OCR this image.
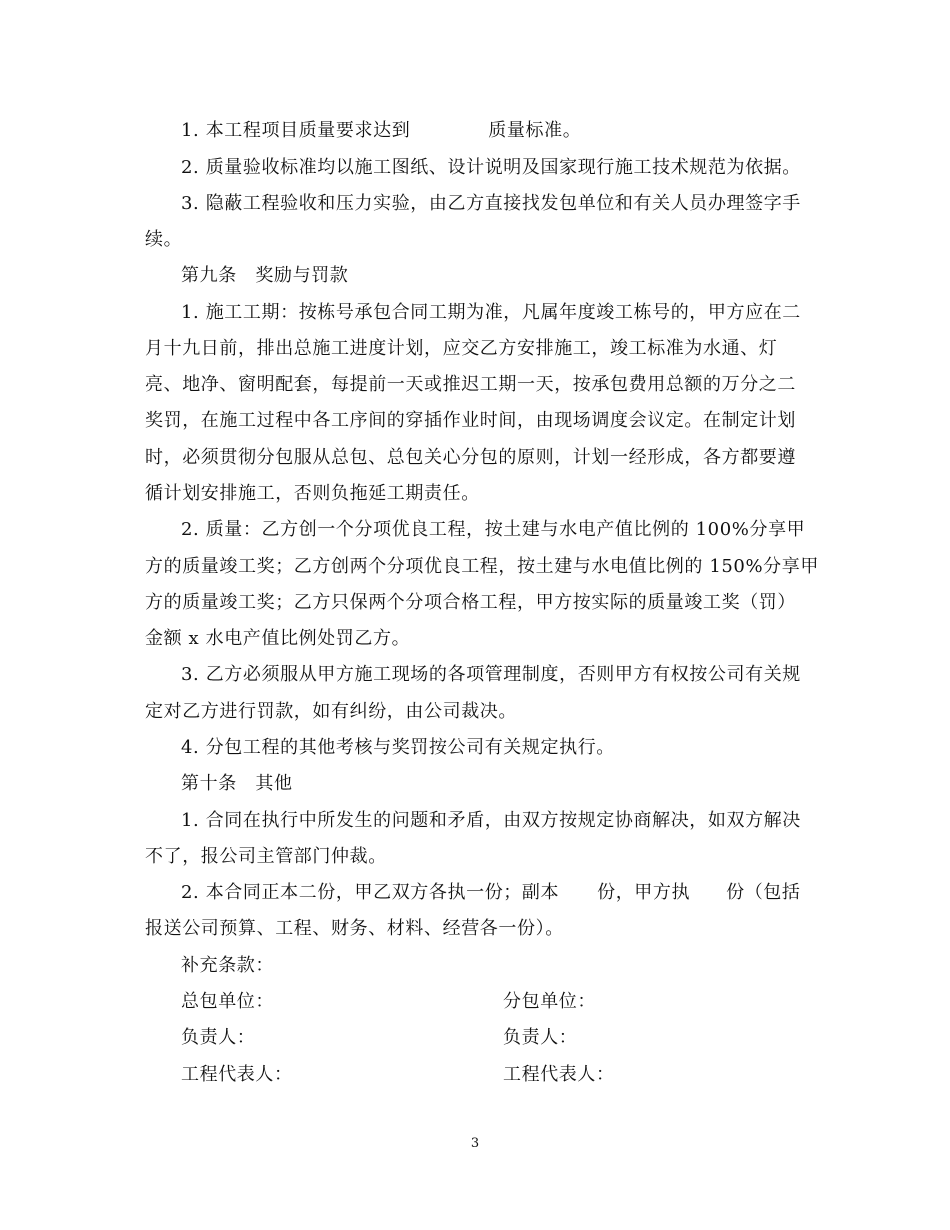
1. 本工程项目质量要求达到	质量标准。
2. 质量验收标准均以施工图纸、设计说明及国家现行施工技术规范为依据。
3. 隐蔽工程验收和压力实验，由乙方直接找发包单位和有关人员办理签字手
续。
第九条　奖励与罚款
1. 施工工期：按栋号承包合同工期为准，凡属年度竣工栋号的，甲方应在二
月十九日前，排出总施工进度计划，应交乙方安排施工，竣工标准为水通、灯
亮、地净、窗明配套，每提前一天或推迟工期一天，按承包费用总额的万分之二
奖罚，在施工过程中各工序间的穿插作业时间，由现场调度会议定。在制定计划
时，必须贯彻分包服从总包、总包关心分包的原则，计划一经形成，各方都要遵
循计划安排施工，否则负拖延工期责任。
2. 质量：乙方创一个分项优良工程，按土建与水电产值比例的 100%分享甲
方的质量竣工奖；乙方创两个分项优良工程，按土建与水电值比例的 150%分享甲
方的质量竣工奖；乙方只保两个分项合格工程，甲方按实际的质量竣工奖（罚）
金额 x 水电产值比例处罚乙方。
3. 乙方必须服从甲方施工现场的各项管理制度，否则甲方有权按公司有关规
定对乙方进行罚款，如有纠纷，由公司裁决。
4. 分包工程的其他考核与奖罚按公司有关规定执行。
第十条　其他
1. 合同在执行中所发生的问题和矛盾，由双方按规定协商解决，如双方解决
不了，报公司主管部门仲裁。
2. 本合同正本二份，甲乙双方各执一份；副本 份，甲方执 份（包括
报送公司预算、工程、财务、材料、经营各一份）。
补充条款：
总包单位：	分包单位：
负责人：	负责人：
工程代表人：	工程代表人：
3
